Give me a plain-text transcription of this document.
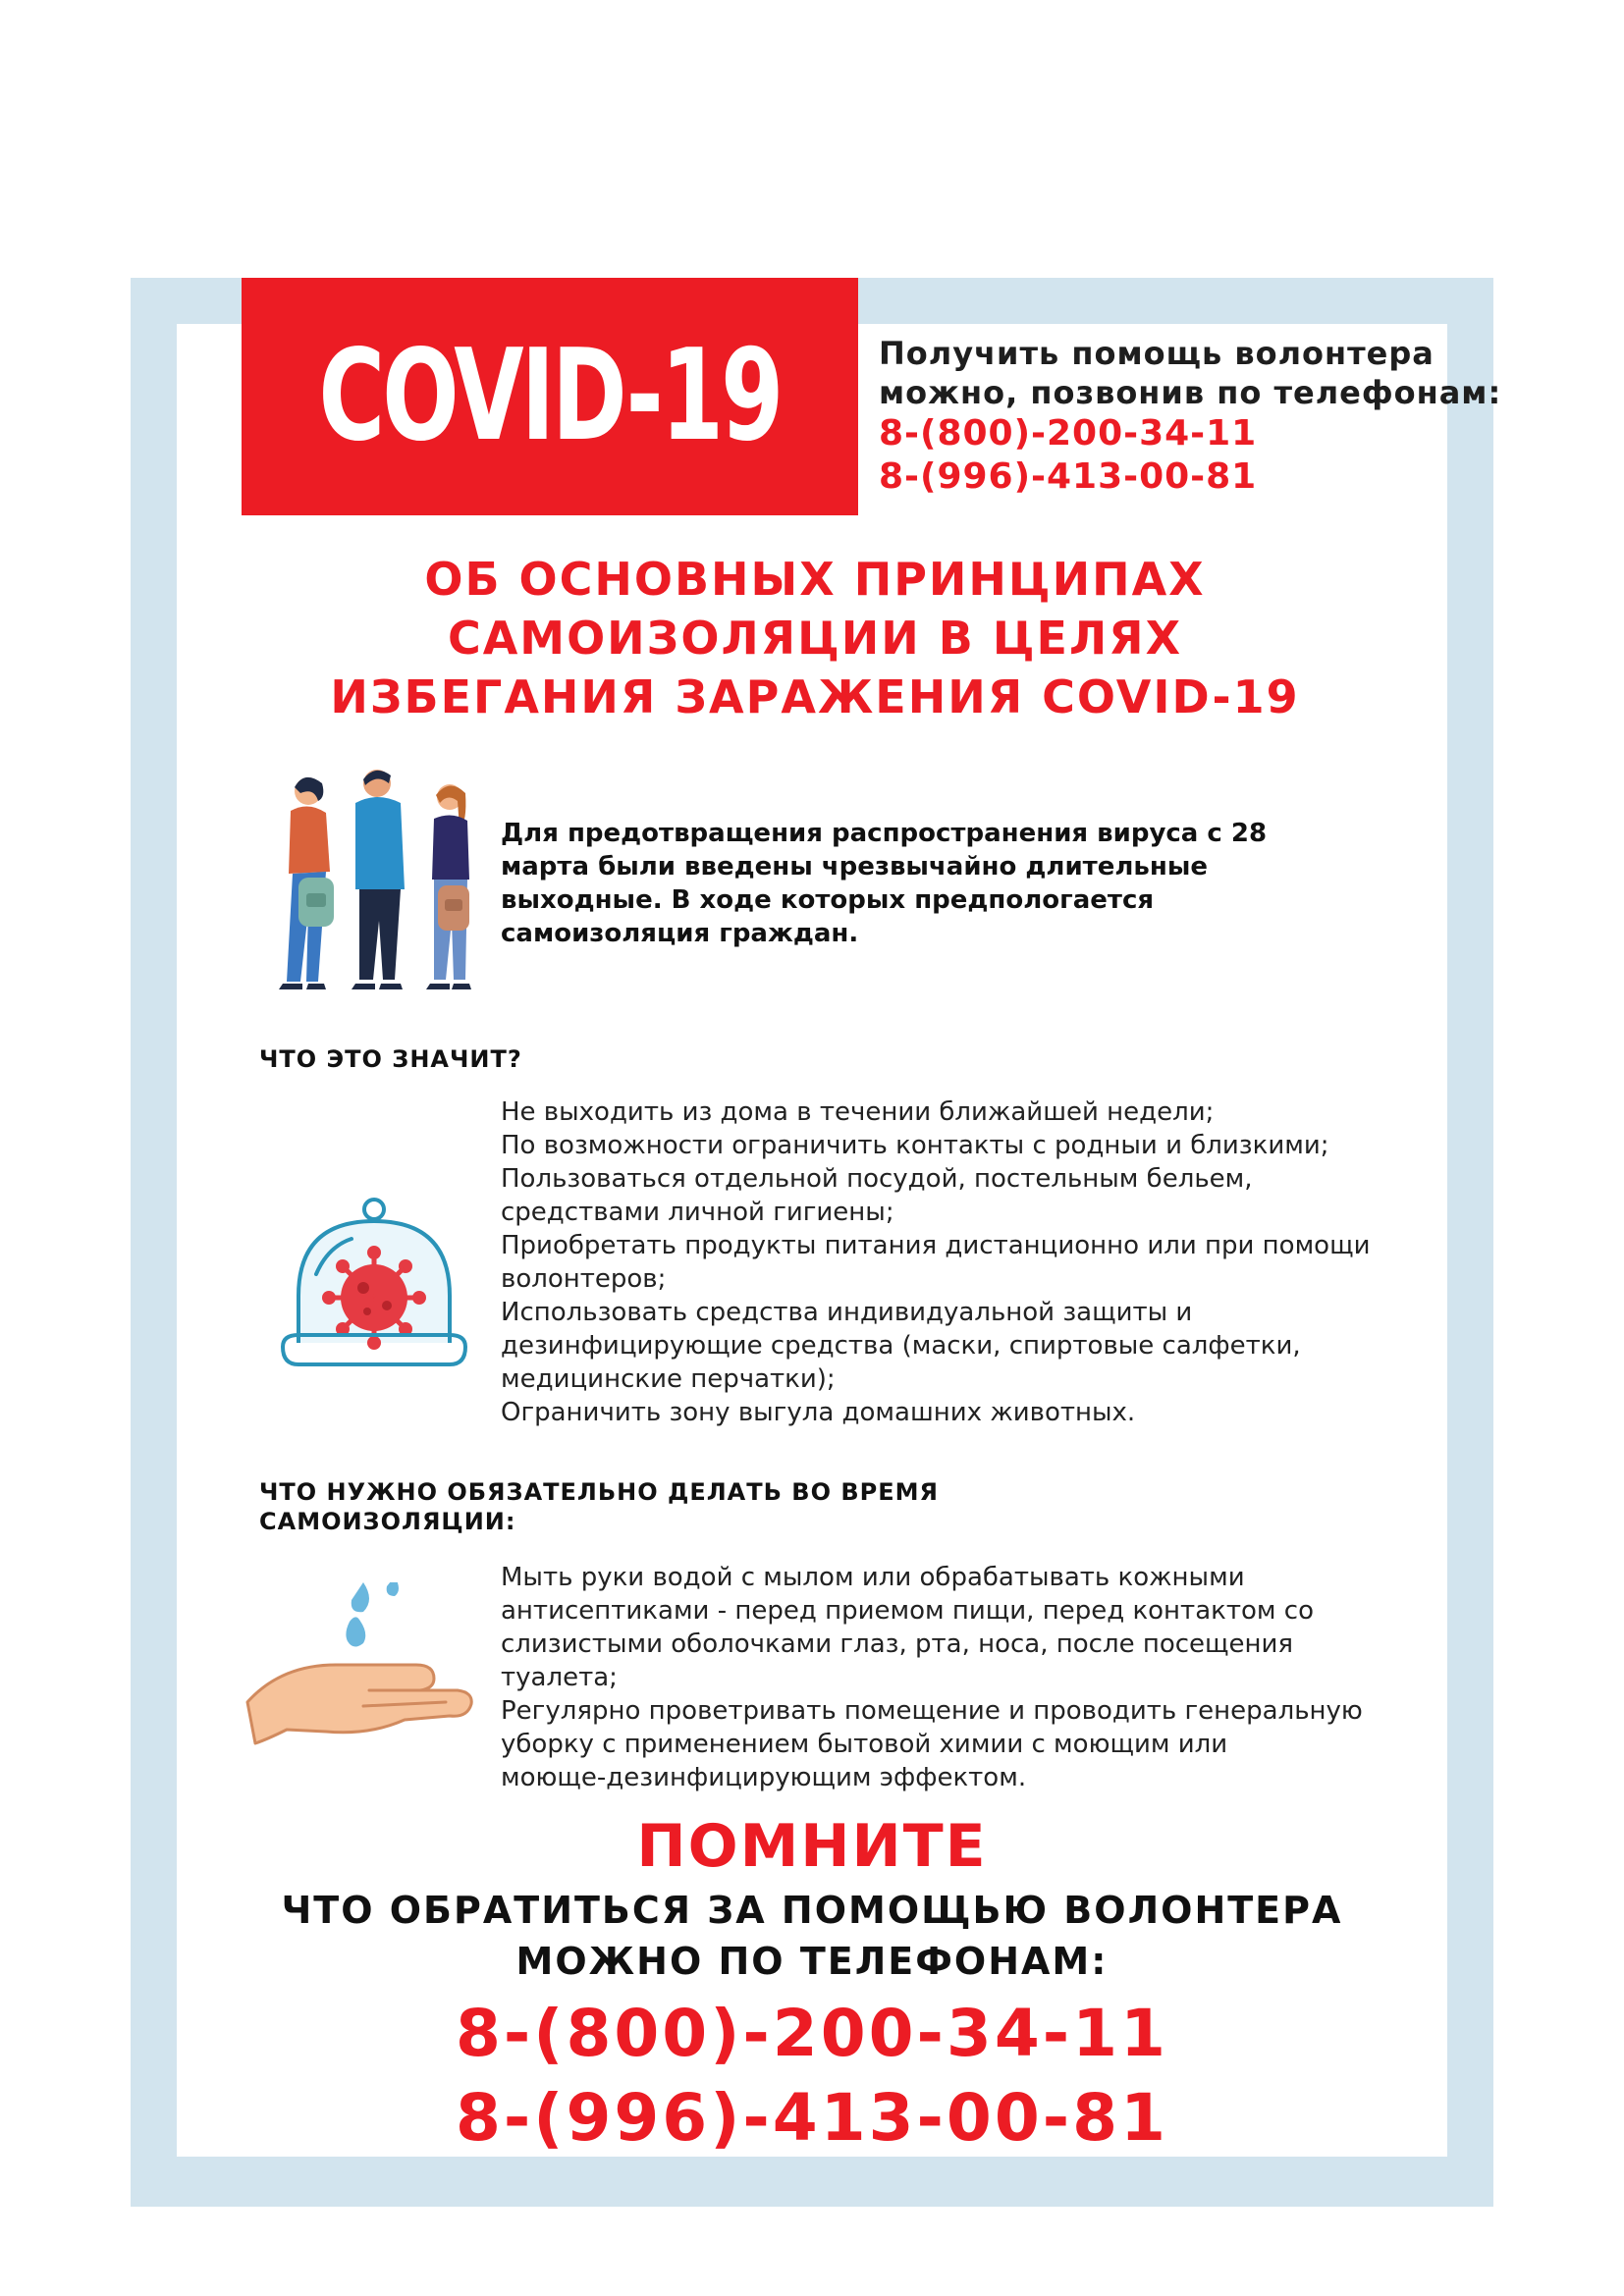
COVID-19	Получить помощь волонтера
можно, позвонив по телефонам:
8-(800)-200-34-11
8-(996)-413-00-81
ОБ ОСНОВНЫХ ПРИНЦИПАХ
САМОИЗОЛЯЦИИ В ЦЕЛЯХ
ИЗБЕГАНИЯ ЗАРАЖЕНИЯ COVID-19
Для предотвращения распространения вируса с 28
марта были введены чрезвычайно длительные
выходные. В ходе которых предпологается
самоизоляция граждан.
ЧТО ЭТО ЗНАЧИТ?
Не выходить из дома в течении ближайшей недели;
По возможности ограничить контакты с родныи и близкими;
Пользоваться отдельной посудой, постельным бельем,
средствами личной гигиены;
Приобретать продукты питания дистанционно или при помощи
волонтеров;
Использовать средства индивидуальной защиты и
дезинфицирующие средства (маски, спиртовые салфетки,
медицинские перчатки);
Ограничить зону выгула домашних животных.
ЧТО НУЖНО ОБЯЗАТЕЛЬНО ДЕЛАТЬ ВО ВРЕМЯ САМОИЗОЛЯЦИИ:
Мыть руки водой с мылом или обрабатывать кожными
антисептиками - перед приемом пищи, перед контактом со
слизистыми оболочками глаз, рта, носа, после посещения
туалета;
Регулярно проветривать помещение и проводить генеральную
уборку с применением бытовой химии с моющим или
моюще-дезинфицирующим эффектом.
ПОМНИТЕ
ЧТО ОБРАТИТЬСЯ ЗА ПОМОЩЬЮ ВОЛОНТЕРА
МОЖНО ПО ТЕЛЕФОНАМ:
8-(800)-200-34-11
8-(996)-413-00-81
